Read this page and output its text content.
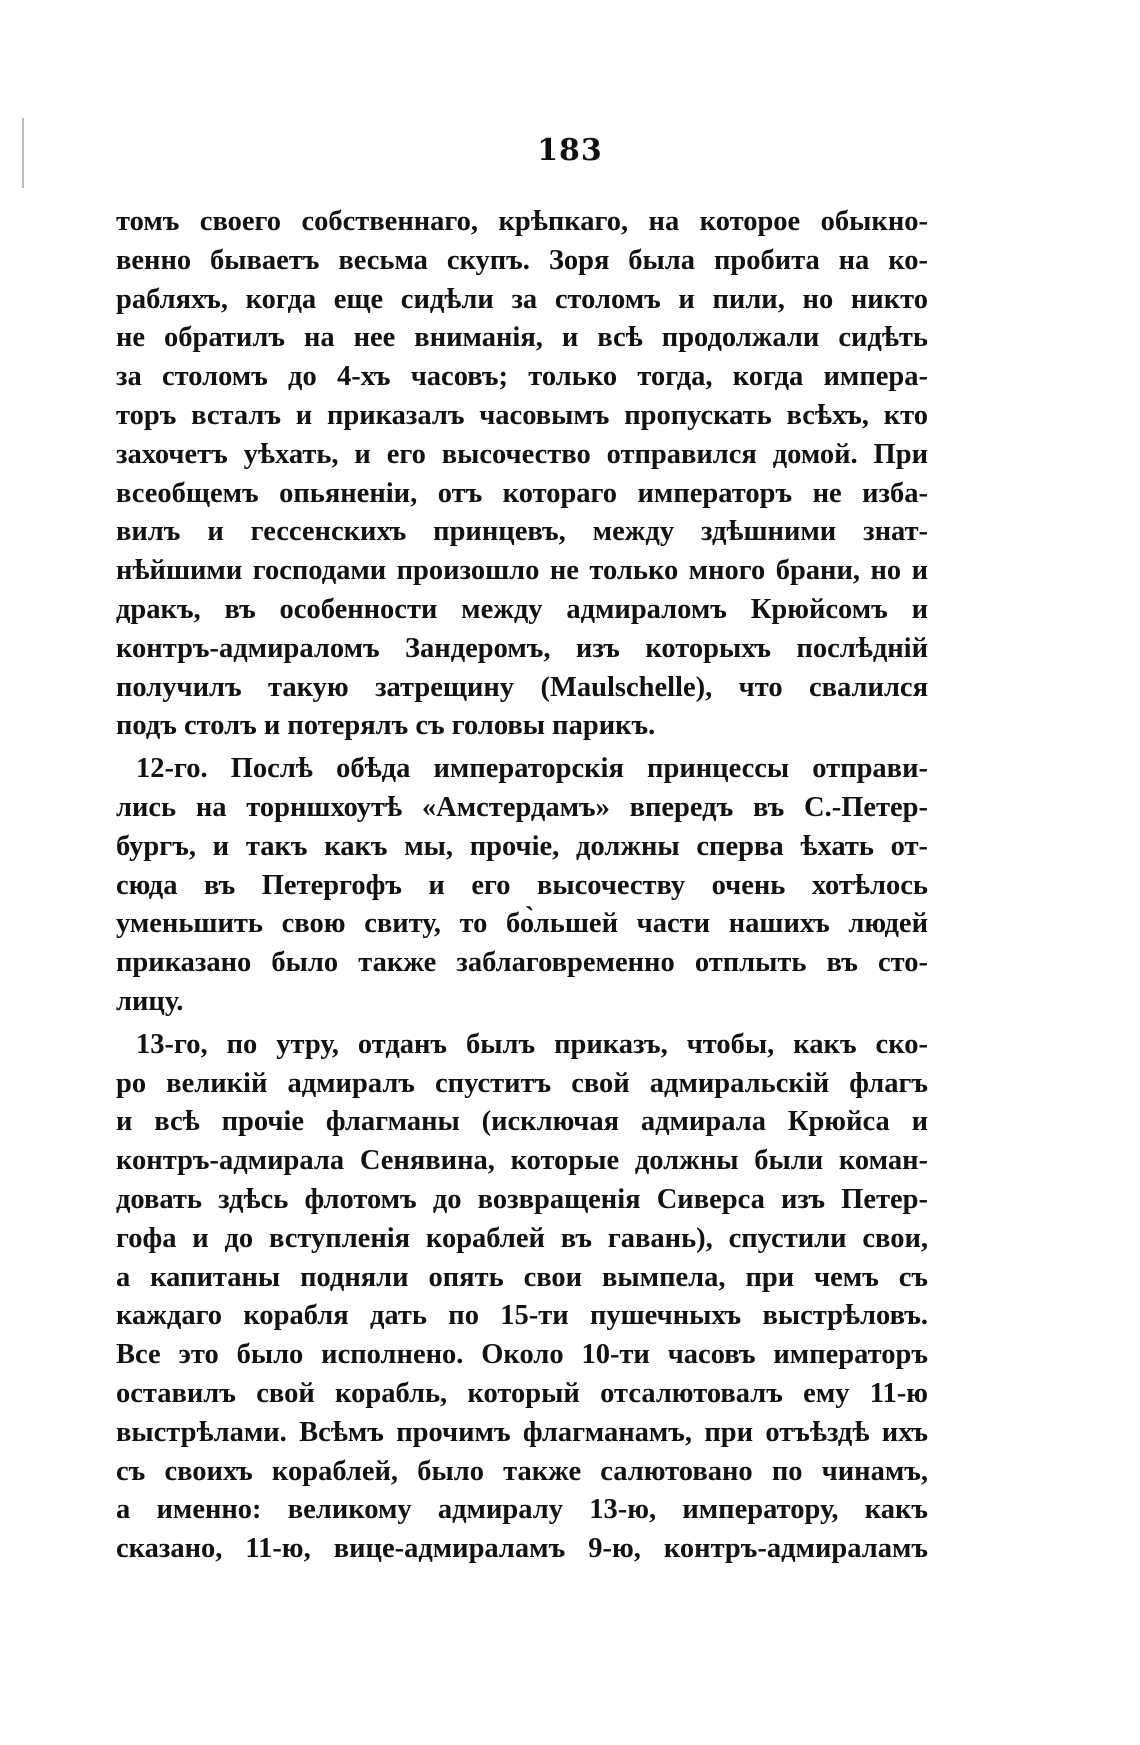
183
томъ своего собственнаго, крѣпкаго, на которое обыкно-
венно бываетъ весьма скупъ. Зоря была пробита на ко-
рабляхъ, когда еще сидѣли за столомъ и пили, но никто
не обратилъ на нее вниманія, и всѣ продолжали сидѣть
за столомъ до 4-хъ часовъ; только тогда, когда импера-
торъ всталъ и приказалъ часовымъ пропускать всѣхъ, кто
захочетъ уѣхать, и его высочество отправился домой. При
всеобщемъ опьяненіи, отъ котораго императоръ не изба-
вилъ и гессенскихъ принцевъ, между здѣшними знат-
нѣйшими господами произошло не только много брани, но и
дракъ, въ особенности между адмираломъ Крюйсомъ и
контръ-адмираломъ Зандеромъ, изъ которыхъ послѣдній
получилъ такую затрещину (Maulschelle), что свалился
подъ столъ и потерялъ съ головы парикъ.
12-го. Послѣ обѣда императорскія принцессы отправи-
лись на торншхоутѣ «Амстердамъ» впередъ въ С.-Петер-
бургъ, и такъ какъ мы, прочіе, должны сперва ѣхать от-
сюда въ Петергофъ и его высочеству очень хотѣлось
уменьшить свою свиту, то бо̀льшей части нашихъ людей
приказано было также заблаговременно отплыть въ сто-
лицу.
13-го, по утру, отданъ былъ приказъ, чтобы, какъ ско-
ро великій адмиралъ спуститъ свой адмиральскій флагъ
и всѣ прочіе флагманы (исключая адмирала Крюйса и
контръ-адмирала Сенявина, которые должны были коман-
довать здѣсь флотомъ до возвращенія Сиверса изъ Петер-
гофа и до вступленія кораблей въ гавань), спустили свои,
а капитаны подняли опять свои вымпела, при чемъ съ
каждаго корабля дать по 15-ти пушечныхъ выстрѣловъ.
Все это было исполнено. Около 10-ти часовъ императоръ
оставилъ свой корабль, который отсалютовалъ ему 11-ю
выстрѣлами. Всѣмъ прочимъ флагманамъ, при отъѣздѣ ихъ
съ своихъ кораблей, было также салютовано по чинамъ,
а именно: великому адмиралу 13-ю, императору, какъ
сказано, 11-ю, вице-адмираламъ 9-ю, контръ-адмираламъ
